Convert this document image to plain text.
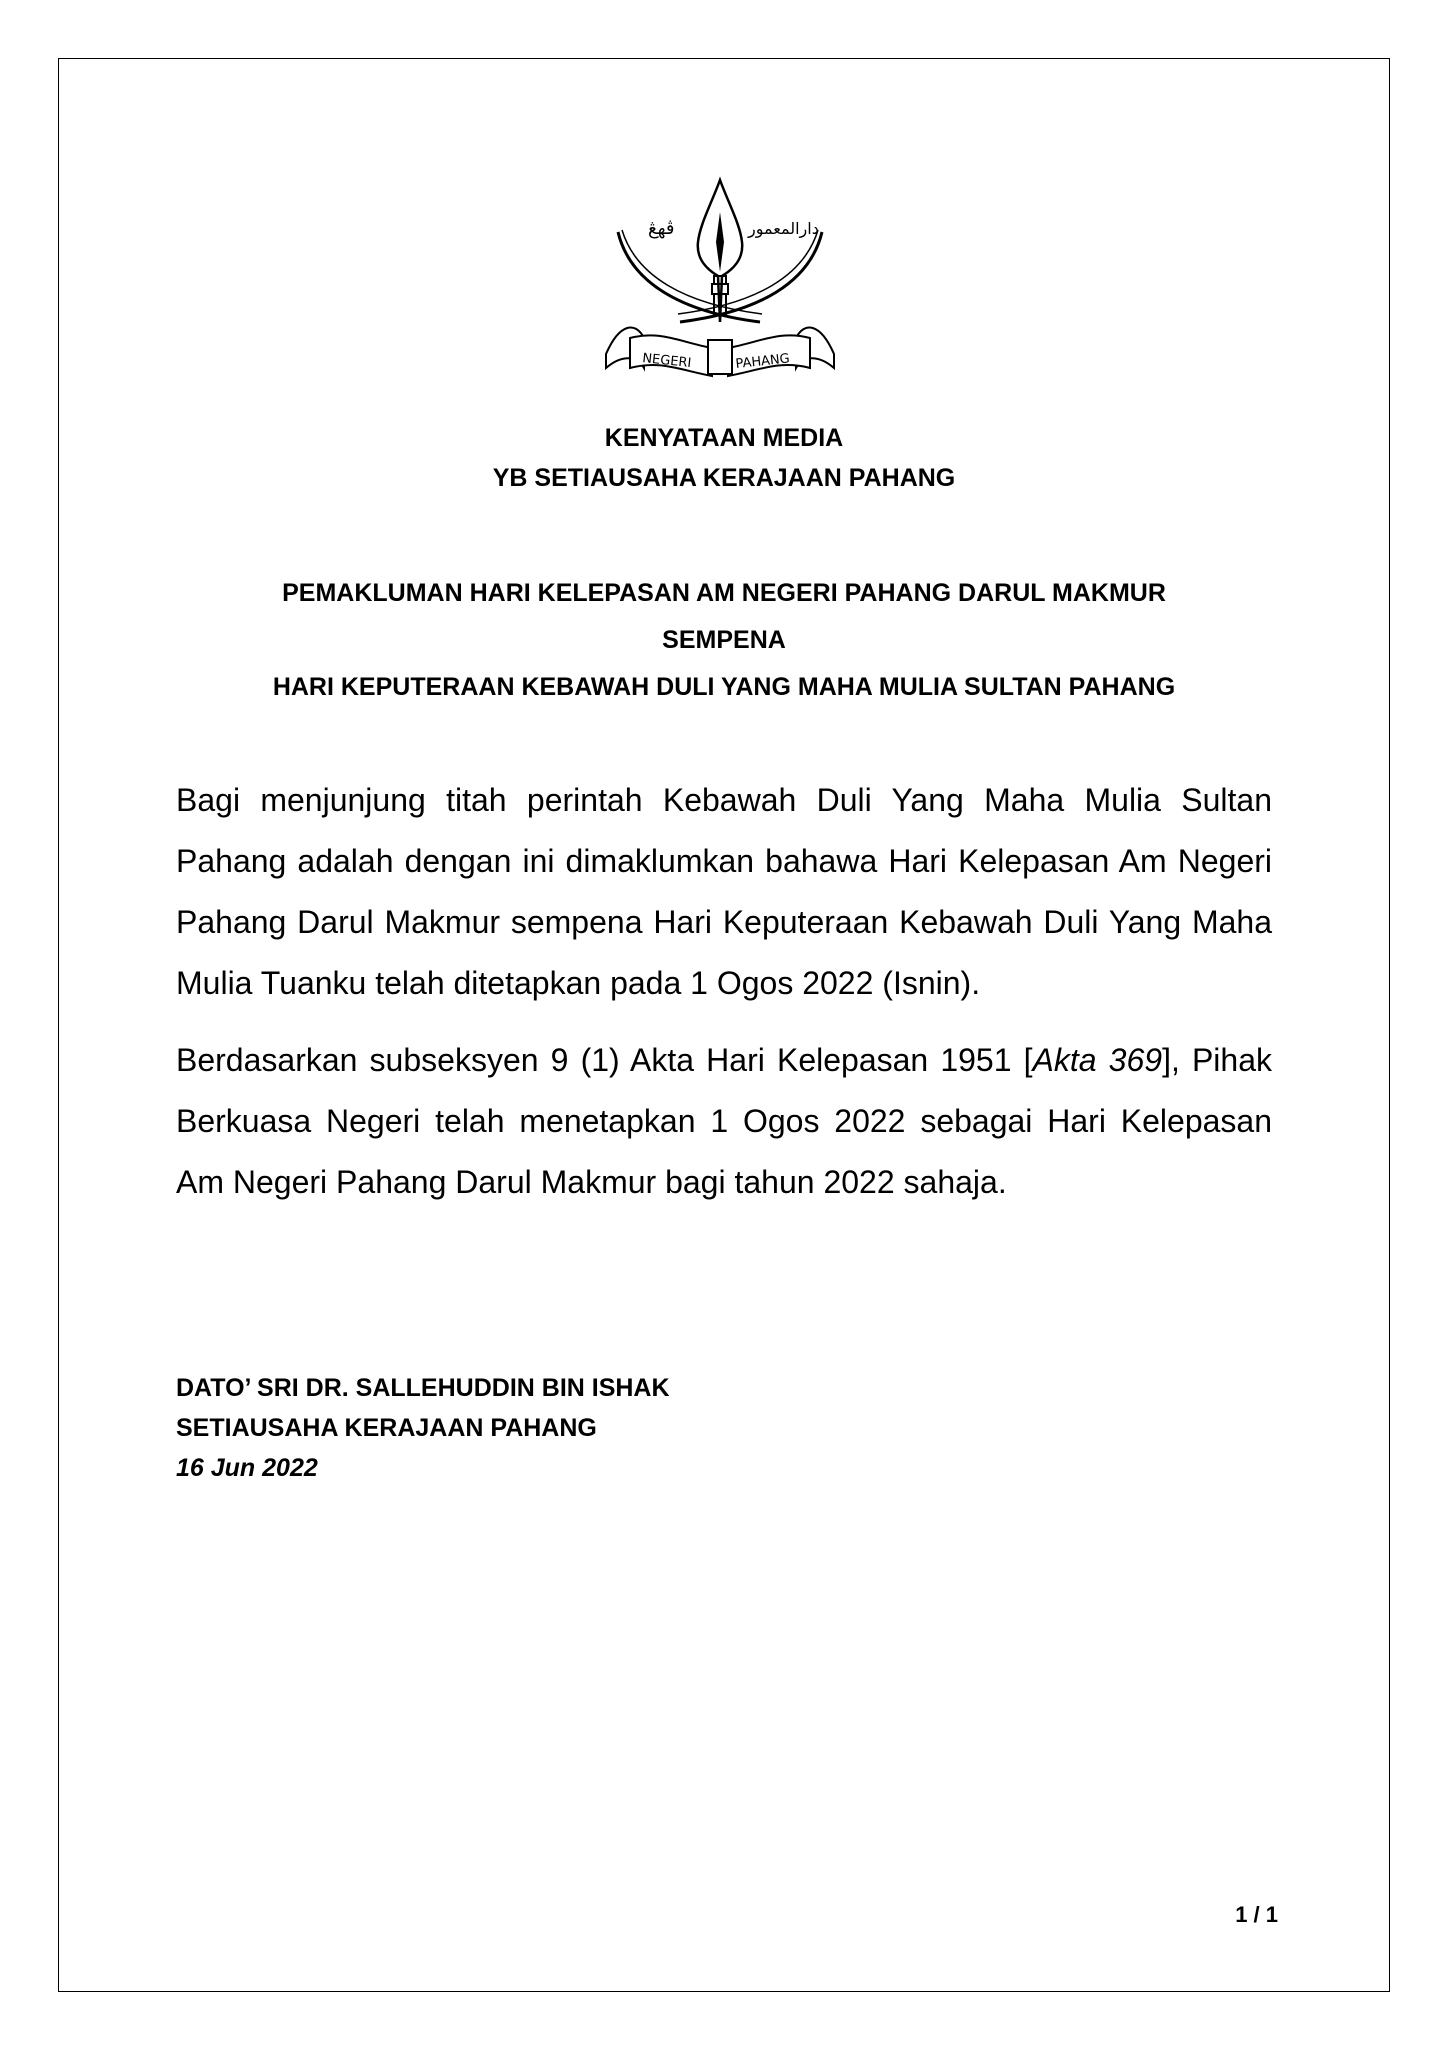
ڤهڠ	دارالمعمور
NEGERI	PAHANG
KENYATAAN MEDIA
YB SETIAUSAHA KERAJAAN PAHANG
PEMAKLUMAN HARI KELEPASAN AM NEGERI PAHANG DARUL MAKMUR
SEMPENA
HARI KEPUTERAAN KEBAWAH DULI YANG MAHA MULIA SULTAN PAHANG
Bagi menjunjung titah perintah Kebawah Duli Yang Maha Mulia Sultan Pahang adalah dengan ini dimaklumkan bahawa Hari Kelepasan Am Negeri Pahang Darul Makmur sempena Hari Keputeraan Kebawah Duli Yang Maha Mulia Tuanku telah ditetapkan pada 1 Ogos 2022 (Isnin).
Berdasarkan subseksyen 9 (1) Akta Hari Kelepasan 1951 [Akta 369], Pihak Berkuasa Negeri telah menetapkan 1 Ogos 2022 sebagai Hari Kelepasan Am Negeri Pahang Darul Makmur bagi tahun 2022 sahaja.
DATO’ SRI DR. SALLEHUDDIN BIN ISHAK
SETIAUSAHA KERAJAAN PAHANG
16 Jun 2022
1 / 1
